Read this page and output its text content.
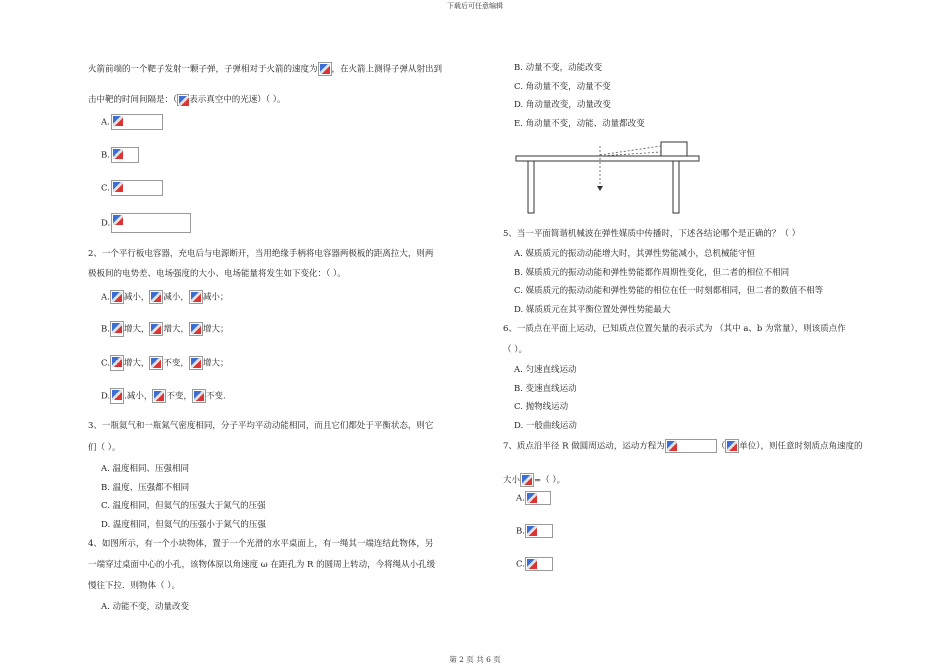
下载后可任意编辑
第 2 页 共 6 页
火箭前端的一个靶子发射一颗子弹，子弹相对于火箭的速度为 ，在火箭上测得子弹从射出到
击中靶的时间间隔是：（ 表示真空中的光速）（ ）。
A.
B.
C.
D.
2、一个平行板电容器，充电后与电源断开，当用绝缘手柄将电容器两极板的距离拉大，则两
极板间的电势差、电场强度的大小、电场能量将发生如下变化：（ ）。
A. 减小， 减小， 减小；
B. 增大， 增大， 增大；
C. 增大， 不变， 增大；
D. .减小， 不变， 不变.
3、一瓶氦气和一瓶氮气密度相同，分子平均平动动能相同，而且它们都处于平衡状态，则它
们（ ）。
A. 温度相同、压强相同
B. 温度、压强都不相同
C. 温度相同，但氦气的压强大于氮气的压强
D. 温度相同，但氦气的压强小于氮气的压强
4、如图所示，有一个小块物体，置于一个光滑的水平桌面上，有一绳其一端连结此物体，另
一端穿过桌面中心的小孔，该物体原以角速度 ω 在距孔为 R 的圆周上转动，今将绳从小孔缓
慢往下拉．则物体（ ）。
A. 动能不变，动量改变
B. 动量不变，动能改变
C. 角动量不变，动量不变
D. 角动量改变，动量改变
E. 角动量不变，动能、动量都改变
5、当一平面简谐机械波在弹性媒质中传播时，下述各结论哪个是正确的？（ ）
A. 媒质质元的振动动能增大时，其弹性势能减小，总机械能守恒
B. 媒质质元的振动动能和弹性势能都作周期性变化，但二者的相位不相同
C. 媒质质元的振动动能和弹性势能的相位在任一时刻都相同，但二者的数值不相等
D. 媒质质元在其平衡位置处弹性势能最大
6、一质点在平面上运动，已知质点位置矢量的表示式为 （其中 a、b 为常量），则该质点作
（ ）。
A. 匀速直线运动
B. 变速直线运动
C. 抛物线运动
D. 一般曲线运动
7、质点沿半径 R 做圆周运动，运动方程为	（ 单位），则任意时刻质点角速度的
大小 =（ ）。
A.
B.
C.
